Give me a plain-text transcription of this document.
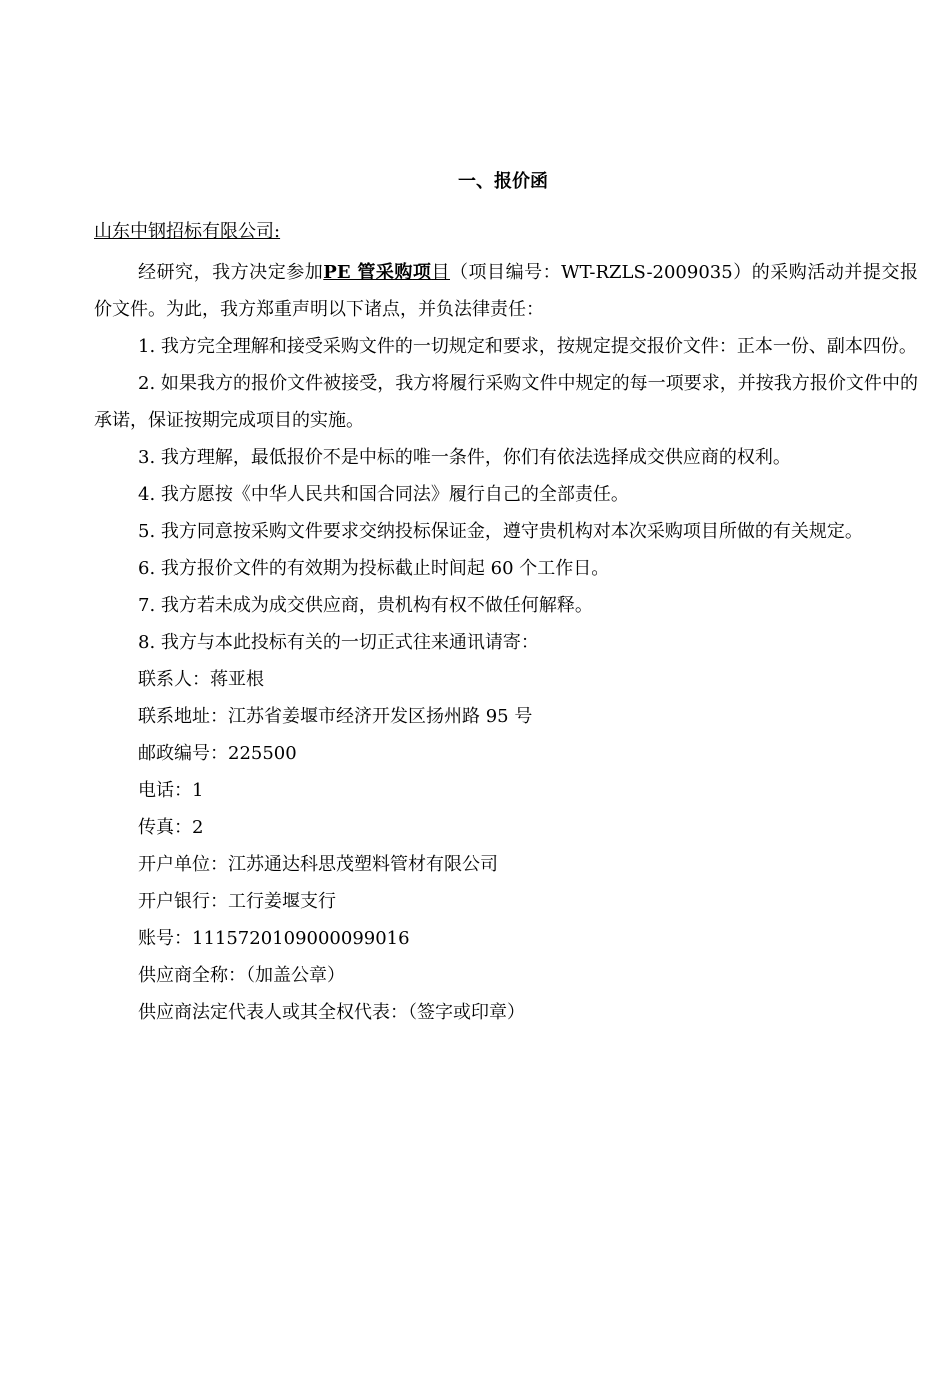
一、报价函
山东中钢招标有限公司:

经研究，我方决定参加PE 管采购项目（项目编号：WT-RZLS-2009035）的采购活动并提交报价文件。为此，我方郑重声明以下诸点，并负法律责任：

1. 我方完全理解和接受采购文件的一切规定和要求，按规定提交报价文件：正本一份、副本四份。

2. 如果我方的报价文件被接受，我方将履行采购文件中规定的每一项要求，并按我方报价文件中的承诺，保证按期完成项目的实施。

3. 我方理解，最低报价不是中标的唯一条件，你们有依法选择成交供应商的权利。

4. 我方愿按《中华人民共和国合同法》履行自己的全部责任。

5. 我方同意按采购文件要求交纳投标保证金，遵守贵机构对本次采购项目所做的有关规定。

6. 我方报价文件的有效期为投标截止时间起 60 个工作日。

7. 我方若未成为成交供应商，贵机构有权不做任何解释。

8. 我方与本此投标有关的一切正式往来通讯请寄：

联系人：蒋亚根

联系地址：江苏省姜堰市经济开发区扬州路 95 号

邮政编号：225500

电话：1

传真：2

开户单位：江苏通达科思茂塑料管材有限公司

开户银行：工行姜堰支行

账号：1115720109000099016

供应商全称：（加盖公章）

供应商法定代表人或其全权代表：（签字或印章）
